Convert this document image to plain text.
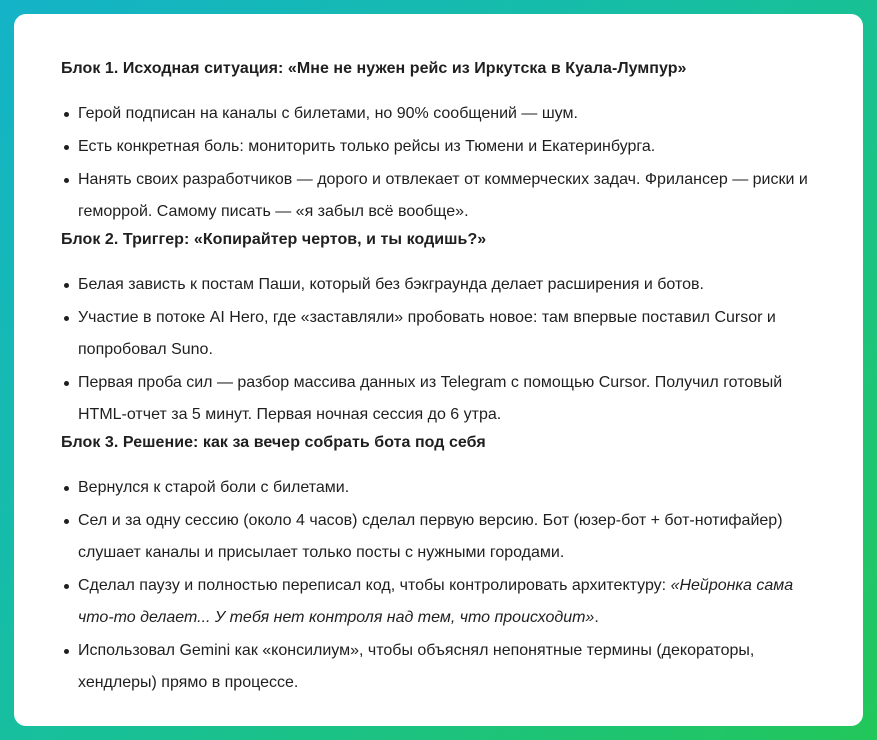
Блок 1. Исходная ситуация: «Мне не нужен рейс из Иркутска в Куала-Лумпур»
Герой подписан на каналы с билетами, но 90% сообщений — шум.
Есть конкретная боль: мониторить только рейсы из Тюмени и Екатеринбурга.
Нанять своих разработчиков — дорого и отвлекает от коммерческих задач. Фрилансер — риски и геморрой. Самому писать — «я забыл всё вообще».
Блок 2. Триггер: «Копирайтер чертов, и ты кодишь?»
Белая зависть к постам Паши, который без бэкграунда делает расширения и ботов.
Участие в потоке AI Hero, где «заставляли» пробовать новое: там впервые поставил Cursor и попробовал Suno.
Первая проба сил — разбор массива данных из Telegram с помощью Cursor. Получил готовый HTML-отчет за 5 минут. Первая ночная сессия до 6 утра.
Блок 3. Решение: как за вечер собрать бота под себя
Вернулся к старой боли с билетами.
Сел и за одну сессию (около 4 часов) сделал первую версию. Бот (юзер-бот + бот-нотифайер) слушает каналы и присылает только посты с нужными городами.
Сделал паузу и полностью переписал код, чтобы контролировать архитектуру: «Нейронка сама что-то делает... У тебя нет контроля над тем, что происходит».
Использовал Gemini как «консилиум», чтобы объяснял непонятные термины (декораторы, хендлеры) прямо в процессе.
